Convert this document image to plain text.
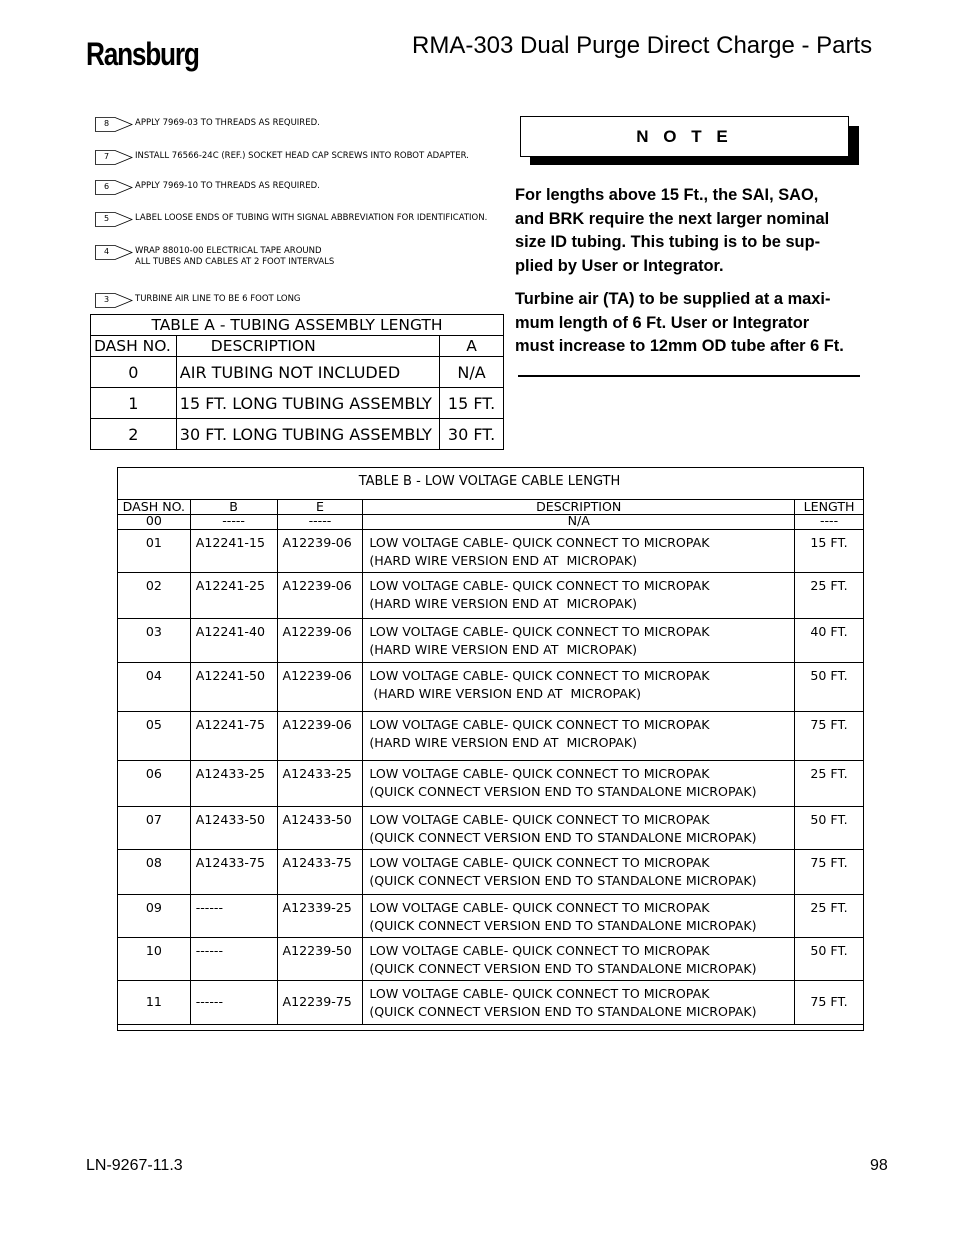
Ransburg	RMA-303 Dual Purge Direct Charge - Parts
8	APPLY 7969-03 TO THREADS AS REQUIRED.
7	INSTALL 76566-24C (REF.) SOCKET HEAD CAP SCREWS INTO ROBOT ADAPTER.
6	APPLY 7969-10 TO THREADS AS REQUIRED.
5	LABEL LOOSE ENDS OF TUBING WITH SIGNAL ABBREVIATION FOR IDENTIFICATION.
4	WRAP 88010-00 ELECTRICAL TAPE AROUND
ALL TUBES AND CABLES AT 2 FOOT INTERVALS
3	TURBINE AIR LINE TO BE 6 FOOT LONG
TABLE A - TUBING ASSEMBLY LENGTH		
DASH NO.	DESCRIPTION	A
0	AIR TUBING NOT INCLUDED	N/A
1	15 FT. LONG TUBING ASSEMBLY	15 FT.
2	30 FT. LONG TUBING ASSEMBLY	30 FT.
N O T E

For lengths above 15 Ft., the SAI, SAO,
and BRK require the next larger nominal
size ID tubing. This tubing is to be sup-
plied by User or Integrator.

Turbine air (TA) to be supplied at a maxi-
mum length of 6 Ft. User or Integrator
must increase to 12mm OD tube after 6 Ft.

TABLE B - LOW VOLTAGE CABLE LENGTH
DASH NO.	B	E	DESCRIPTION	LENGTH
00	-----	-----	N/A	----
01	A12241-15	A12239-06	LOW VOLTAGE CABLE- QUICK CONNECT TO MICROPAK
(HARD WIRE VERSION END AT  MICROPAK)	15 FT.
02	A12241-25	A12239-06	LOW VOLTAGE CABLE- QUICK CONNECT TO MICROPAK
(HARD WIRE VERSION END AT  MICROPAK)	25 FT.
03	A12241-40	A12239-06	LOW VOLTAGE CABLE- QUICK CONNECT TO MICROPAK
(HARD WIRE VERSION END AT  MICROPAK)	40 FT.
04	A12241-50	A12239-06	LOW VOLTAGE CABLE- QUICK CONNECT TO MICROPAK
(HARD WIRE VERSION END AT  MICROPAK)	50 FT.
05	A12241-75	A12239-06	LOW VOLTAGE CABLE- QUICK CONNECT TO MICROPAK
(HARD WIRE VERSION END AT  MICROPAK)	75 FT.
06	A12433-25	A12433-25	LOW VOLTAGE CABLE- QUICK CONNECT TO MICROPAK
(QUICK CONNECT VERSION END TO STANDALONE MICROPAK)	25 FT.
07	A12433-50	A12433-50	LOW VOLTAGE CABLE- QUICK CONNECT TO MICROPAK
(QUICK CONNECT VERSION END TO STANDALONE MICROPAK)	50 FT.
08	A12433-75	A12433-75	LOW VOLTAGE CABLE- QUICK CONNECT TO MICROPAK
(QUICK CONNECT VERSION END TO STANDALONE MICROPAK)	75 FT.
09	------	A12339-25	LOW VOLTAGE CABLE- QUICK CONNECT TO MICROPAK
(QUICK CONNECT VERSION END TO STANDALONE MICROPAK)	25 FT.
10	------	A12239-50	LOW VOLTAGE CABLE- QUICK CONNECT TO MICROPAK
(QUICK CONNECT VERSION END TO STANDALONE MICROPAK)	50 FT.
11	------	A12239-75	LOW VOLTAGE CABLE- QUICK CONNECT TO MICROPAK
(QUICK CONNECT VERSION END TO STANDALONE MICROPAK)	75 FT.
LN-9267-11.3	98
